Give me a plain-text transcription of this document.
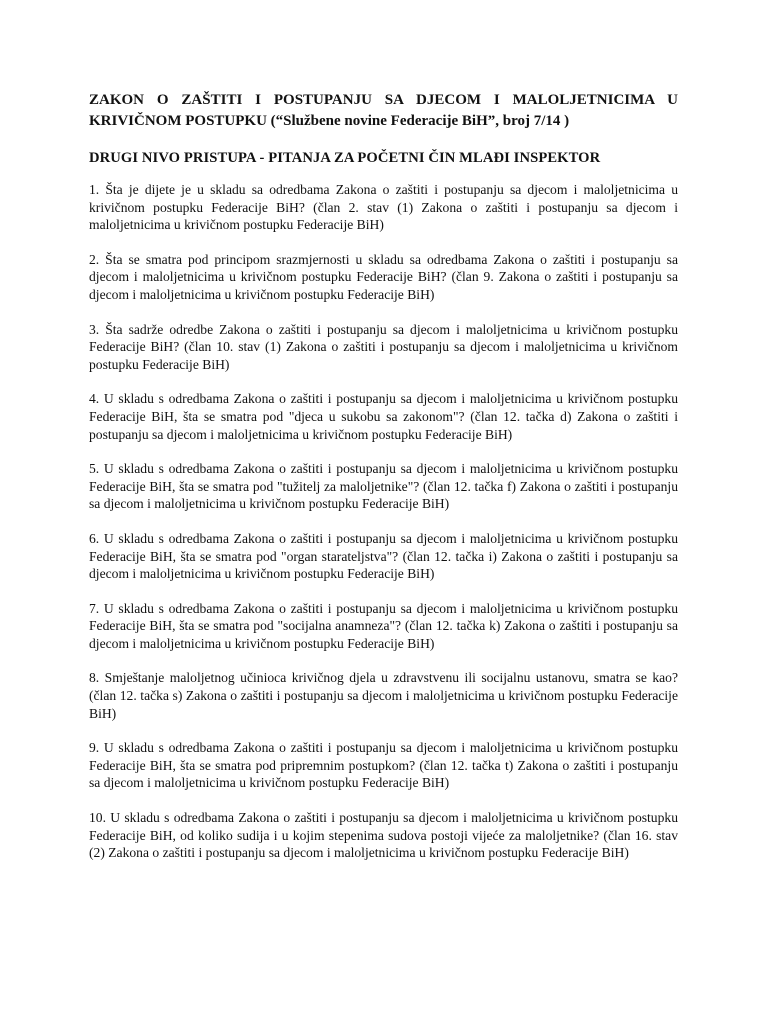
ZAKON O ZAŠTITI I POSTUPANJU SA DJECOM I MALOLJETNICIMA U
KRIVIČNOM POSTUPKU (“Službene novine Federacije BiH”, broj 7/14 )
DRUGI NIVO PRISTUPA - PITANJA ZA POČETNI ČIN MLAĐI INSPEKTOR

1. Šta je dijete je u skladu sa odredbama Zakona o zaštiti i postupanju sa djecom i maloljetnicima u krivičnom postupku Federacije BiH? (član 2. stav (1) Zakona o zaštiti i postupanju sa djecom i maloljetnicima u krivičnom postupku Federacije BiH)

2. Šta se smatra pod principom srazmjernosti u skladu sa odredbama Zakona o zaštiti i postupanju sa djecom i maloljetnicima u krivičnom postupku Federacije BiH? (član 9. Zakona o zaštiti i postupanju sa djecom i maloljetnicima u krivičnom postupku Federacije BiH)

3. Šta sadrže odredbe Zakona o zaštiti i postupanju sa djecom i maloljetnicima u krivičnom postupku Federacije BiH? (član 10. stav (1) Zakona o zaštiti i postupanju sa djecom i maloljetnicima u krivičnom postupku Federacije BiH)

4. U skladu s odredbama Zakona o zaštiti i postupanju sa djecom i maloljetnicima u krivičnom postupku Federacije BiH, šta se smatra pod "djeca u sukobu sa zakonom"? (član 12. tačka d) Zakona o zaštiti i postupanju sa djecom i maloljetnicima u krivičnom postupku Federacije BiH)

5. U skladu s odredbama Zakona o zaštiti i postupanju sa djecom i maloljetnicima u krivičnom postupku Federacije BiH, šta se smatra pod "tužitelj za maloljetnike"? (član 12. tačka f) Zakona o zaštiti i postupanju sa djecom i maloljetnicima u krivičnom postupku Federacije BiH)

6. U skladu s odredbama Zakona o zaštiti i postupanju sa djecom i maloljetnicima u krivičnom postupku Federacije BiH, šta se smatra pod "organ starateljstva"? (član 12. tačka i) Zakona o zaštiti i postupanju sa djecom i maloljetnicima u krivičnom postupku Federacije BiH)

7. U skladu s odredbama Zakona o zaštiti i postupanju sa djecom i maloljetnicima u krivičnom postupku Federacije BiH, šta se smatra pod "socijalna anamneza"? (član 12. tačka k) Zakona o zaštiti i postupanju sa djecom i maloljetnicima u krivičnom postupku Federacije BiH)

8. Smještanje maloljetnog učinioca krivičnog djela u zdravstvenu ili socijalnu ustanovu, smatra se kao? (član 12. tačka s) Zakona o zaštiti i postupanju sa djecom i maloljetnicima u krivičnom postupku Federacije BiH)

9. U skladu s odredbama Zakona o zaštiti i postupanju sa djecom i maloljetnicima u krivičnom postupku Federacije BiH, šta se smatra pod pripremnim postupkom? (član 12. tačka t) Zakona o zaštiti i postupanju sa djecom i maloljetnicima u krivičnom postupku Federacije BiH)

10. U skladu s odredbama Zakona o zaštiti i postupanju sa djecom i maloljetnicima u krivičnom postupku Federacije BiH, od koliko sudija i u kojim stepenima sudova postoji vijeće za maloljetnike? (član 16. stav (2) Zakona o zaštiti i postupanju sa djecom i maloljetnicima u krivičnom postupku Federacije BiH)
